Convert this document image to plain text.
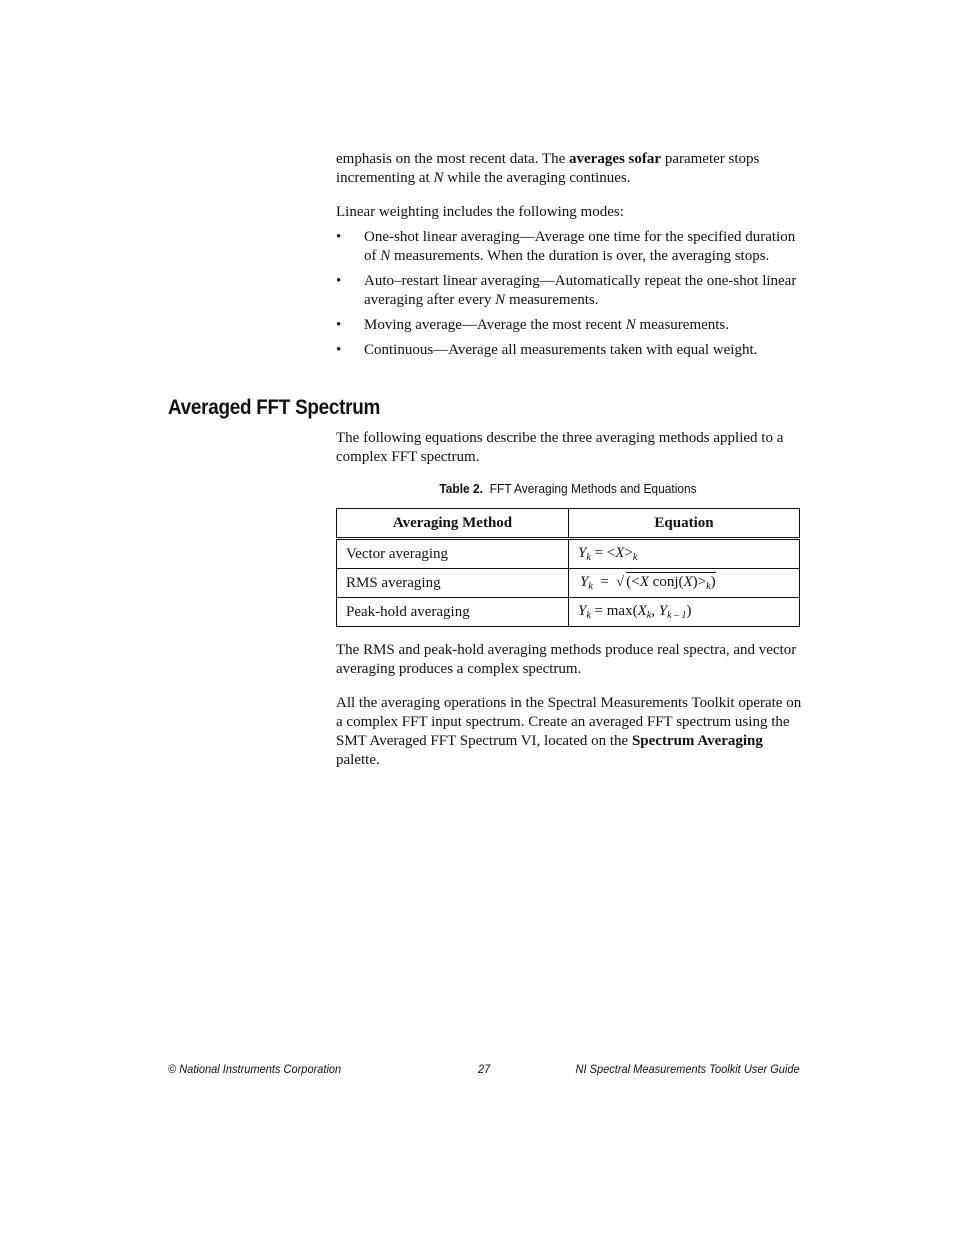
emphasis on the most recent data. The averages sofar parameter stops incrementing at N while the averaging continues.

Linear weighting includes the following modes:

• One-shot linear averaging—Average one time for the specified duration of N measurements. When the duration is over, the averaging stops.
• Auto–restart linear averaging—Automatically repeat the one-shot linear averaging after every N measurements.
• Moving average—Average the most recent N measurements.
• Continuous—Average all measurements taken with equal weight.
Averaged FFT Spectrum

The following equations describe the three averaging methods applied to a complex FFT spectrum.

Table 2. FFT Averaging Methods and Equations
Averaging Method	Equation
Vector averaging	$Y_k = <X>_k$
RMS averaging	$Y_k$ = √ (<X $conj(X)>_k$)
Peak-hold averaging	$Y_k = \max(X_k$, $Y_{k - 1}$)

The RMS and peak-hold averaging methods produce real spectra, and vector averaging produces a complex spectrum.

All the averaging operations in the Spectral Measurements Toolkit operate on a complex FFT input spectrum. Create an averaged FFT spectrum using the SMT Averaged FFT Spectrum VI, located on the Spectrum Averaging palette.

© National Instruments Corporation	27	NI Spectral Measurements Toolkit User Guide
